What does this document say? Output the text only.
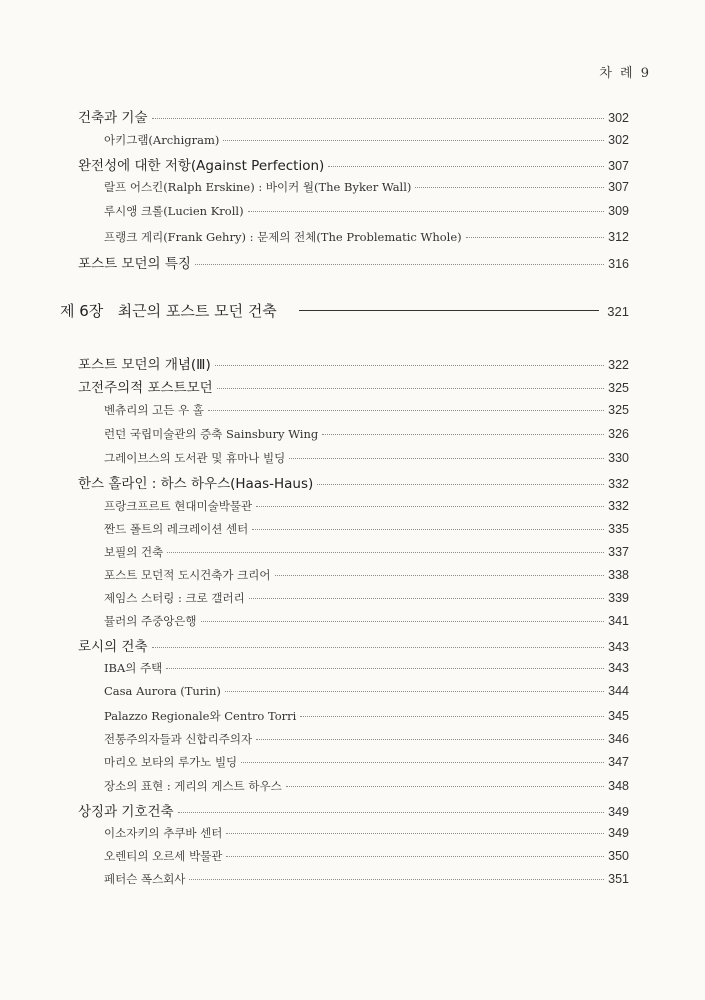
차 례 9
건축과 기술	302
아키그램(Archigram)	302
완전성에 대한 저항(Against Perfection)	307
랄프 어스킨(Ralph Erskine) : 바이커 월(The Byker Wall)	307
루시앵 크롤(Lucien Kroll)	309
프랭크 게리(Frank Gehry) : 문제의 전체(The Problematic Whole)	312
포스트 모던의 특징	316
제 6장   최근의 포스트 모던 건축	321
포스트 모던의 개념(Ⅲ)	322
고전주의적 포스트모던	325
벤츄리의 고든 우 홀	325
런던 국립미술관의 증축 Sainsbury Wing	326
그레이브스의 도서관 및 휴마나 빌딩	330
한스 홀라인 : 하스 하우스(Haas-Haus)	332
프랑크프르트 현대미술박물관	332
짠드 폴트의 레크레이션 센터	335
보필의 건축	337
포스트 모던적 도시건축가 크리어	338
제임스 스터링 : 크로 갤러리	339
뮬러의 주중앙은행	341
로시의 건축	343
IBA의 주택	343
Casa Aurora (Turin)	344
Palazzo Regionale와 Centro Torri	345
전통주의자들과 신합리주의자	346
마리오 보타의 루가노 빌딩	347
장소의 표현 : 게리의 게스트 하우스	348
상징과 기호건축	349
이소자키의 추쿠바 센터	349
오렌티의 오르세 박물관	350
페터슨 폭스회사	351
